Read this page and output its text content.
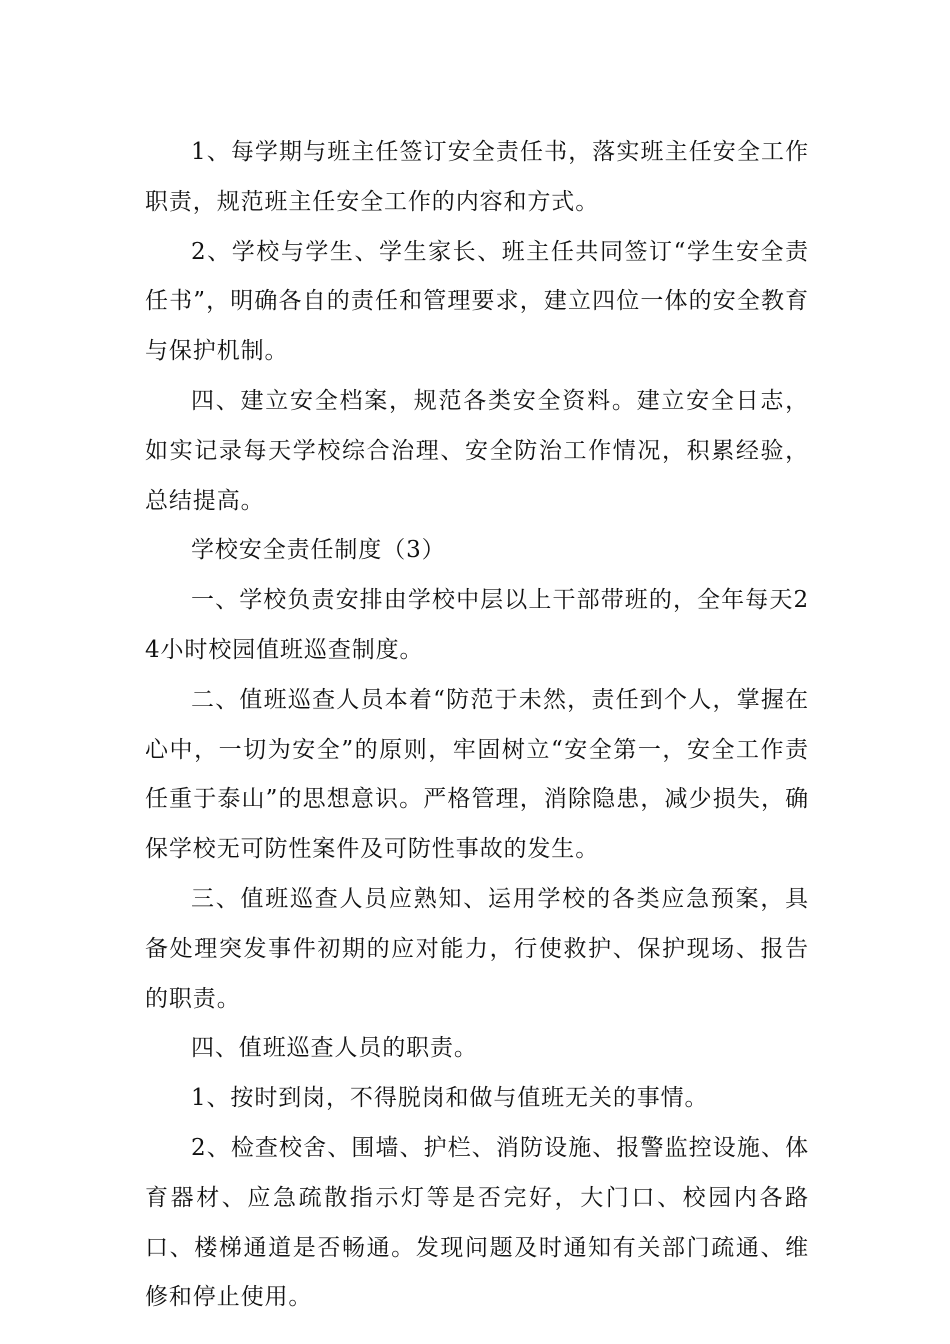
1、每学期与班主任签订安全责任书，落实班主任安全工作职责，规范班主任安全工作的内容和方式。

2、学校与学生、学生家长、班主任共同签订“学生安全责任书”，明确各自的责任和管理要求，建立四位一体的安全教育与保护机制。

四、建立安全档案，规范各类安全资料。建立安全日志，如实记录每天学校综合治理、安全防治工作情况，积累经验，总结提高。

学校安全责任制度（3）

一、学校负责安排由学校中层以上干部带班的，全年每天24小时校园值班巡查制度。

二、值班巡查人员本着“防范于未然，责任到个人，掌握在心中，一切为安全”的原则，牢固树立“安全第一，安全工作责任重于泰山”的思想意识。严格管理，消除隐患，减少损失，确保学校无可防性案件及可防性事故的发生。

三、值班巡查人员应熟知、运用学校的各类应急预案，具备处理突发事件初期的应对能力，行使救护、保护现场、报告的职责。

四、值班巡查人员的职责。

1、按时到岗，不得脱岗和做与值班无关的事情。

2、检查校舍、围墙、护栏、消防设施、报警监控设施、体育器材、应急疏散指示灯等是否完好，大门口、校园内各路口、楼梯通道是否畅通。发现问题及时通知有关部门疏通、维修和停止使用。
